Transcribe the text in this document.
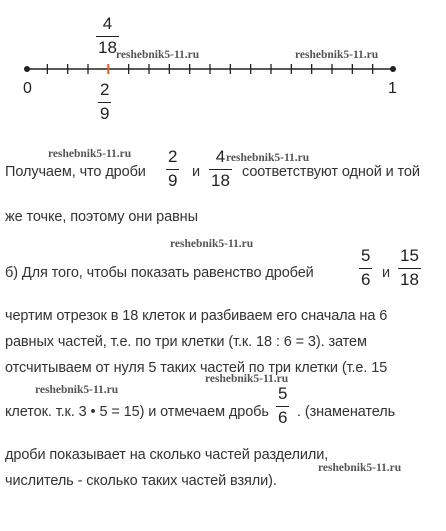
4
18
2
9
0	1
reshebnik5-11.ru	reshebnik5-11.ru
reshebnik5-11.ru	reshebnik5-11.ru
reshebnik5-11.ru
reshebnik5-11.ru
reshebnik5-11.ru
reshebnik5-11.ru
Получаем, что дроби
2
9 и
4
18 соответствуют одной и той
же точке, поэтому они равны
б) Для того, чтобы показать равенство дробей
5
6 и
15
18
чертим отрезок в 18 клеток и разбиваем его сначала на 6
равных частей, т.е. по три клетки (т.к. 18 : 6 = 3). затем
отсчитываем от нуля 5 таких частей по три клетки (т.е. 15
клеток. т.к. 3 • 5 = 15) и отмечаем дробь
5
6 . (знаменатель
дроби показывает на сколько частей разделили,
числитель - сколько таких частей взяли).
